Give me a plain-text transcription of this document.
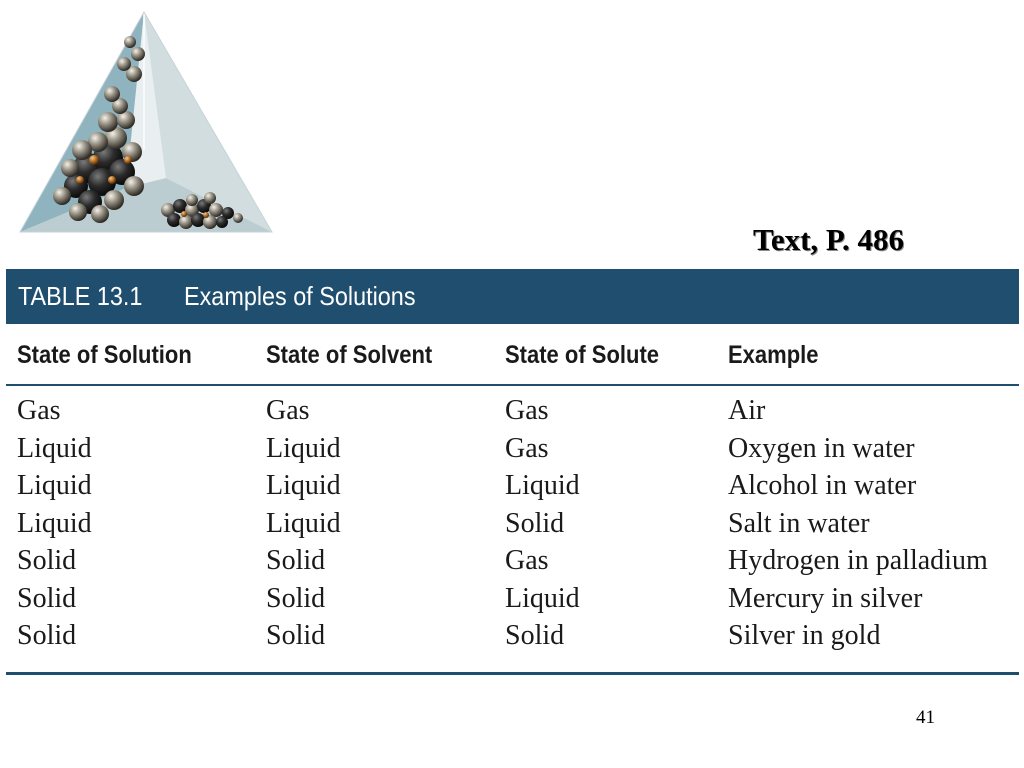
Text, P. 486
TABLE 13.1 Examples of Solutions
State of Solution	State of Solvent	State of Solute	Example
Gas	Gas	Gas	Air
Liquid	Liquid	Gas	Oxygen in water
Liquid	Liquid	Liquid	Alcohol in water
Liquid	Liquid	Solid	Salt in water
Solid	Solid	Gas	Hydrogen in palladium
Solid	Solid	Liquid	Mercury in silver
Solid	Solid	Solid	Silver in gold
41
